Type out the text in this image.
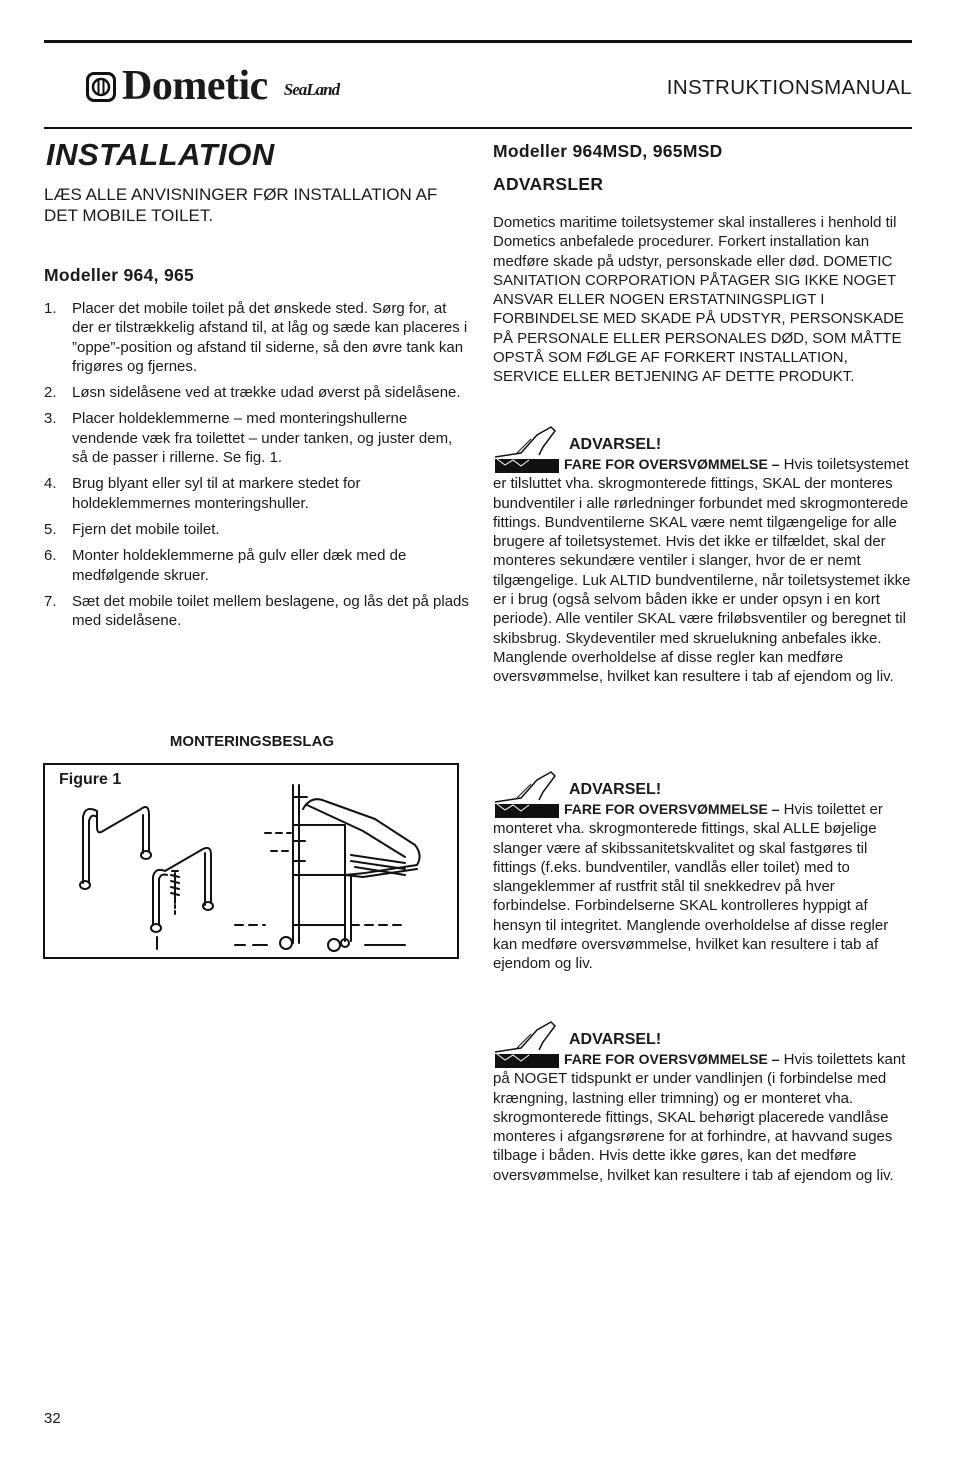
Dometic SeaLand	INSTRUKTIONSMANUAL
INSTALLATION
LÆS ALLE ANVISNINGER FØR INSTALLATION AF DET MOBILE TOILET.
Modeller 964, 965
1.	Placer det mobile toilet på det ønskede sted. Sørg for, at der er tilstrækkelig afstand til, at låg og sæde kan placeres i ”oppe”-position og afstand til siderne, så den øvre tank kan frigøres og fjernes.
2.	Løsn sidelåsene ved at trække udad øverst på sidelåsene.
3.	Placer holdeklemmerne – med monteringshullerne vendende væk fra toilettet – under tanken, og juster dem, så de passer i rillerne. Se fig. 1.
4.	Brug blyant eller syl til at markere stedet for holdeklemmernes monteringshuller.
5.	Fjern det mobile toilet.
6.	Monter holdeklemmerne på gulv eller dæk med de medfølgende skruer.
7.	Sæt det mobile toilet mellem beslagene, og lås det på plads med sidelåsene.
MONTERINGSBESLAG
Figure 1
Modeller 964MSD, 965MSD
ADVARSLER
Dometics maritime toiletsystemer skal installeres i henhold til Dometics anbefalede procedurer. Forkert installation kan medføre skade på udstyr, personskade eller død. DOMETIC SANITATION CORPORATION PÅTAGER SIG IKKE NOGET ANSVAR ELLER NOGEN ERSTATNINGSPLIGT I FORBINDELSE MED SKADE PÅ UDSTYR, PERSONSKADE PÅ PERSONALE ELLER PERSONALES DØD, SOM MÅTTE OPSTÅ SOM FØLGE AF FORKERT INSTALLATION, SERVICE ELLER BETJENING AF DETTE PRODUKT.
ADVARSEL!
FARE FOR OVERSVØMMELSE – Hvis toiletsystemet er tilsluttet vha. skrogmonterede fittings, SKAL der monteres bundventiler i alle rørledninger forbundet med skrogmonterede fittings. Bundventilerne SKAL være nemt tilgængelige for alle brugere af toiletsystemet. Hvis det ikke er tilfældet, skal der monteres sekundære ventiler i slanger, hvor de er nemt tilgængelige. Luk ALTID bundventilerne, når toiletsystemet ikke er i brug (også selvom båden ikke er under opsyn i en kort periode). Alle ventiler SKAL være friløbsventiler og beregnet til skibsbrug. Skydeventiler med skruelukning anbefales ikke. Manglende overholdelse af disse regler kan medføre oversvømmelse, hvilket kan resultere i tab af ejendom og liv.
ADVARSEL!
FARE FOR OVERSVØMMELSE – Hvis toilettet er monteret vha. skrogmonterede fittings, skal ALLE bøjelige slanger være af skibssanitetskvalitet og skal fastgøres til fittings (f.eks. bundventiler, vandlås eller toilet) med to slangeklemmer af rustfrit stål til snekkedrev på hver forbindelse. Forbindelserne SKAL kontrolleres hyppigt af hensyn til integritet. Manglende overholdelse af disse regler kan medføre oversvømmelse, hvilket kan resultere i tab af ejendom og liv.
ADVARSEL!
FARE FOR OVERSVØMMELSE – Hvis toilettets kant på NOGET tidspunkt er under vandlinjen (i forbindelse med krængning, lastning eller trimning) og er monteret vha. skrogmonterede fittings, SKAL behørigt placerede vandlåse monteres i afgangsrørene for at forhindre, at havvand suges tilbage i båden. Hvis dette ikke gøres, kan det medføre oversvømmelse, hvilket kan resultere i tab af ejendom og liv.
32
